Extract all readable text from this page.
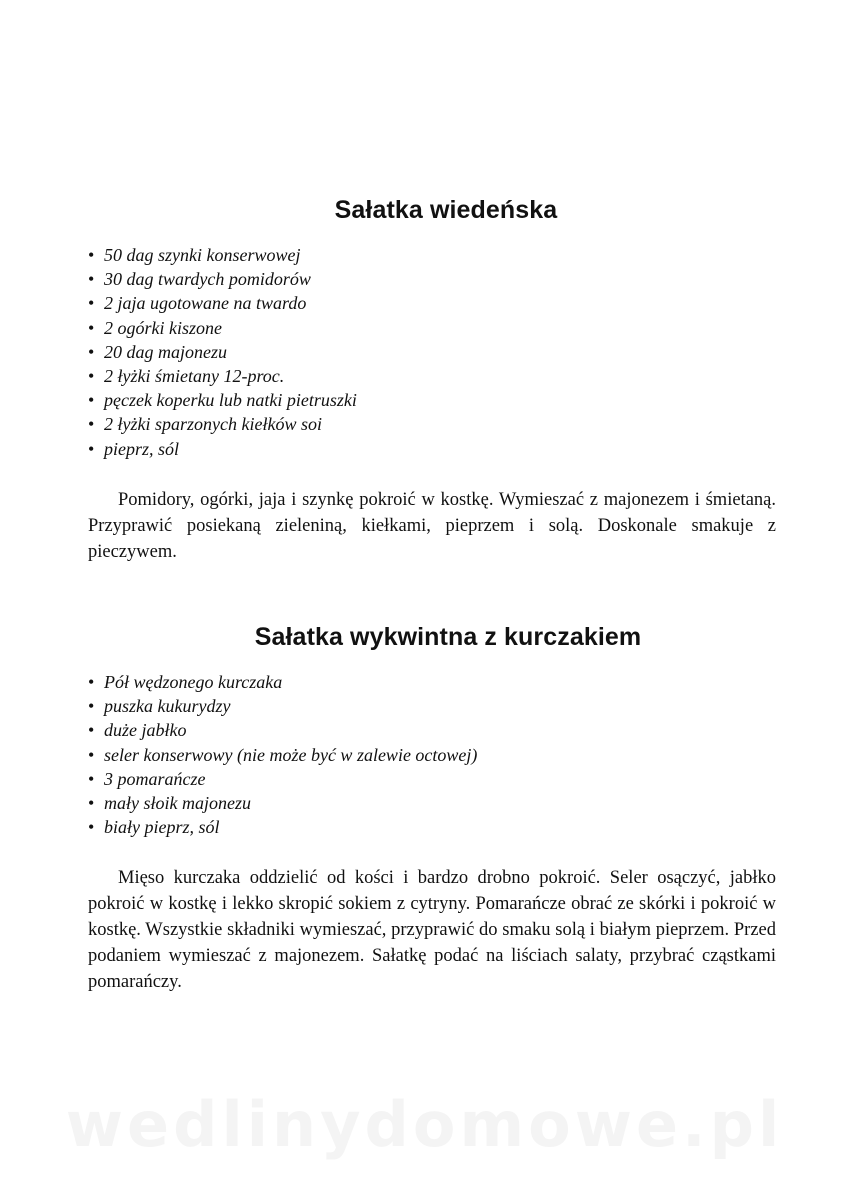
Sałatka wiedeńska
• 50 dag szynki konserwowej
• 30 dag twardych pomidorów
• 2 jaja ugotowane na twardo
• 2 ogórki kiszone
• 20 dag majonezu
• 2 łyżki śmietany 12-proc.
• pęczek koperku lub natki pietruszki
• 2 łyżki sparzonych kiełków soi
• pieprz, sól

Pomidory, ogórki, jaja i szynkę pokroić w kostkę. Wymieszać z majonezem i śmietaną. Przyprawić posiekaną zieleniną, kiełkami, pieprzem i solą. Doskonale smakuje z pieczywem.

Sałatka wykwintna z kurczakiem
• Pół wędzonego kurczaka
• puszka kukurydzy
• duże jabłko
• seler konserwowy (nie może być w zalewie octowej)
• 3 pomarańcze
• mały słoik majonezu
• biały pieprz, sól

Mięso kurczaka oddzielić od kości i bardzo drobno pokroić. Seler osączyć, jabłko pokroić w kostkę i lekko skropić sokiem z cytryny. Pomarańcze obrać ze skórki i pokroić w kostkę. Wszystkie składniki wymieszać, przyprawić do smaku solą i białym pieprzem. Przed podaniem wymieszać z majonezem. Sałatkę podać na liściach salaty, przybrać cząstkami pomarańczy.

wedlinydomowe.pl
